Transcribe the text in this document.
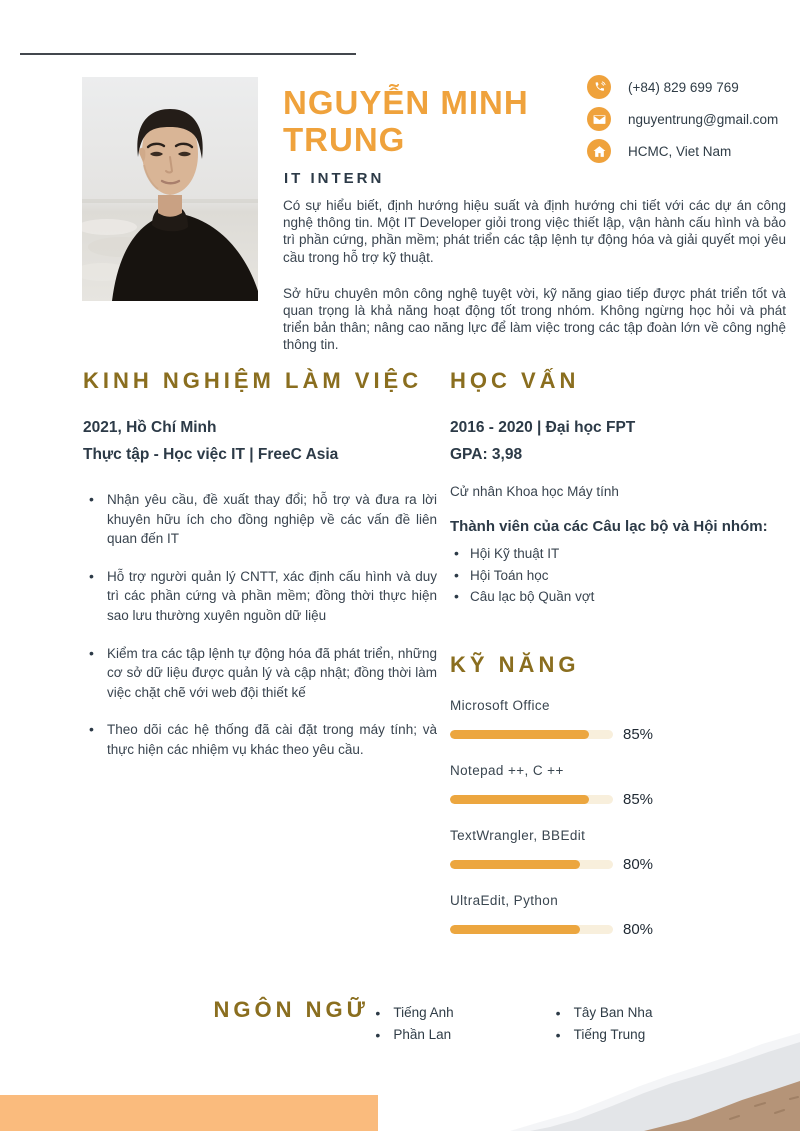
NGUYỄN MINH
TRUNG
IT INTERN
(+84) 829 699 769
nguyentrung@gmail.com
HCMC, Viet Nam

Có sự hiểu biết, định hướng hiệu suất và định hướng chi tiết với các dự án công nghệ thông tin. Một IT Developer giỏi trong việc thiết lập, vận hành cấu hình và bảo trì phần cứng, phần mềm; phát triển các tập lệnh tự động hóa và giải quyết mọi yêu cầu trong hỗ trợ kỹ thuật.

Sở hữu chuyên môn công nghệ tuyệt vời, kỹ năng giao tiếp được phát triển tốt và quan trọng là khả năng hoạt động tốt trong nhóm. Không ngừng học hỏi và phát triển bản thân; nâng cao năng lực để làm việc trong các tập đoàn lớn về công nghệ thông tin.

KINH NGHIỆM LÀM VIỆC
2021, Hồ Chí Minh
Thực tập - Học việc IT | FreeC Asia
• Nhận yêu cầu, đề xuất thay đổi; hỗ trợ và đưa ra lời khuyên hữu ích cho đồng nghiệp về các vấn đề liên quan đến IT
• Hỗ trợ người quản lý CNTT, xác định cấu hình và duy trì các phần cứng và phần mềm; đồng thời thực hiện sao lưu thường xuyên nguồn dữ liệu
• Kiểm tra các tập lệnh tự động hóa đã phát triển, những cơ sở dữ liệu được quản lý và cập nhật; đồng thời làm việc chặt chẽ với web đội thiết kế
• Theo dõi các hệ thống đã cài đặt trong máy tính; và thực hiện các nhiệm vụ khác theo yêu cầu.
HỌC VẤN
2016 - 2020 | Đại học FPT
GPA: 3,98
Cử nhân Khoa học Máy tính
Thành viên của các Câu lạc bộ và Hội nhóm:
• Hội Kỹ thuật IT
• Hội Toán học
• Câu lạc bộ Quần vợt
KỸ NĂNG
Microsoft Office
85%
Notepad ++, C ++
85%
TextWrangler, BBEdit
80%
UltraEdit, Python
80%
NGÔN NGỮ	• Tiếng Anh
• Phần Lan
• Tây Ban Nha
• Tiếng Trung
